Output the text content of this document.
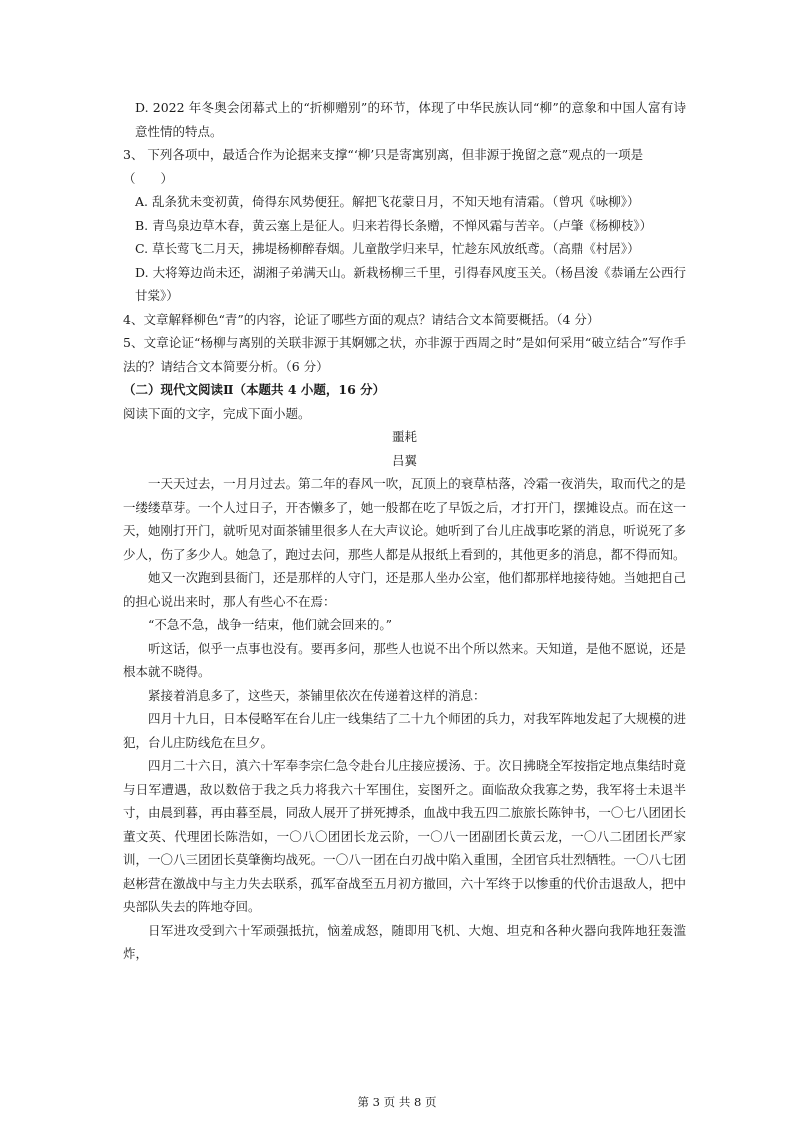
D. 2022 年冬奥会闭幕式上的“折柳赠别”的环节，体现了中华民族认同“柳”的意象和中国人富有诗意性情的特点。

3、 下列各项中，最适合作为论据来支撑“‘柳’只是寄寓别离，但非源于挽留之意”观点的一项是

（　　）

A. 乱条犹未变初黄，倚得东风势便狂。解把飞花蒙日月，不知天地有清霜。（曾巩《咏柳》）

B. 青鸟泉边草木春，黄云塞上是征人。归来若得长条赠，不惮风霜与苦辛。（卢肇《杨柳枝》）

C. 草长莺飞二月天，拂堤杨柳醉春烟。儿童散学归来早，忙趁东风放纸鸢。（高鼎《村居》）

D. 大将筹边尚未还，湖湘子弟满天山。新栽杨柳三千里，引得春风度玉关。（杨昌浚《恭诵左公西行甘棠》）

4、文章解释柳色“青”的内容，论证了哪些方面的观点？请结合文本简要概括。（4 分）

5、文章论证“杨柳与离别的关联非源于其婀娜之状，亦非源于西周之时”是如何采用“破立结合”写作手法的？请结合文本简要分析。（6 分）

（二）现代文阅读Ⅱ（本题共 4 小题，16 分）

阅读下面的文字，完成下面小题。

噩耗

吕翼

一天天过去，一月月过去。第二年的春风一吹，瓦顶上的衰草枯落，冷霜一夜消失，取而代之的是一缕缕草芽。一个人过日子，开杏懒多了，她一般都在吃了早饭之后，才打开门，摆摊设点。而在这一天，她刚打开门，就听见对面茶铺里很多人在大声议论。她听到了台儿庄战事吃紧的消息，听说死了多少人，伤了多少人。她急了，跑过去问，那些人都是从报纸上看到的，其他更多的消息，都不得而知。

她又一次跑到县衙门，还是那样的人守门，还是那人坐办公室，他们都那样地接待她。当她把自己的担心说出来时，那人有些心不在焉：

“不急不急，战争一结束，他们就会回来的。”

听这话，似乎一点事也没有。要再多问，那些人也说不出个所以然来。天知道，是他不愿说，还是根本就不晓得。

紧接着消息多了，这些天，茶铺里依次在传递着这样的消息：

四月十九日，日本侵略军在台儿庄一线集结了二十九个师团的兵力，对我军阵地发起了大规模的进犯，台儿庄防线危在旦夕。

四月二十六日，滇六十军奉李宗仁急令赴台儿庄接应援汤、于。次日拂晓全军按指定地点集结时竟与日军遭遇，敌以数倍于我之兵力将我六十军围住，妄图歼之。面临敌众我寡之势，我军将士未退半寸，由晨到暮，再由暮至晨，同敌人展开了拼死搏杀，血战中我五四二旅旅长陈钟书，一〇七八团团长董文英、代理团长陈浩如，一〇八〇团团长龙云阶，一〇八一团副团长黄云龙，一〇八二团团长严家训，一〇八三团团长莫肇衡均战死。一〇八一团在白刃战中陷入重围，全团官兵壮烈牺牲。一〇八七团赵彬营在激战中与主力失去联系，孤军奋战至五月初方撤回，六十军终于以惨重的代价击退敌人，把中央部队失去的阵地夺回。

日军进攻受到六十军顽强抵抗，恼羞成怒，随即用飞机、大炮、坦克和各种火器向我阵地狂轰滥炸，

第 3 页 共 8 页
